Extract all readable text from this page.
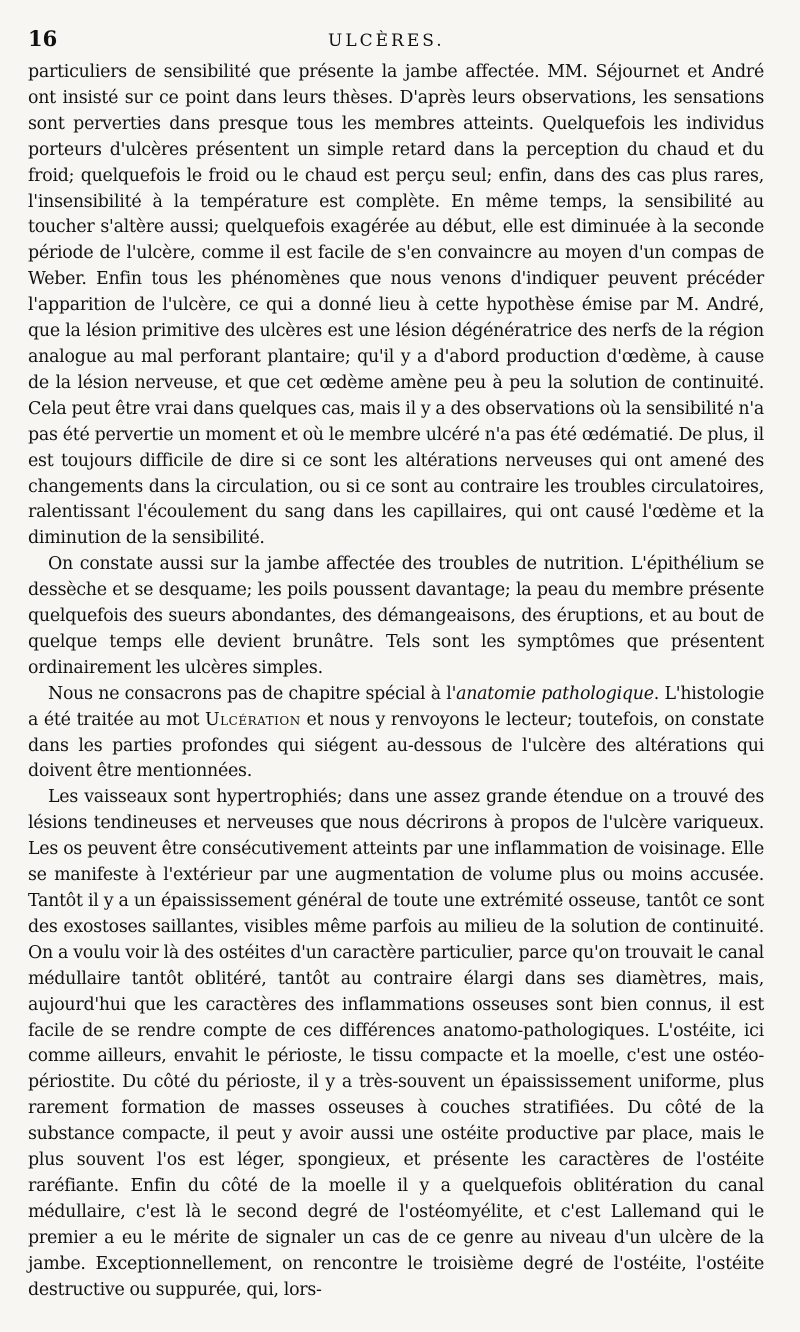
16	ULCÈRES.

particuliers de sensibilité que présente la jambe affectée. MM. Séjournet et André ont insisté sur ce point dans leurs thèses. D'après leurs observations, les sensations sont perverties dans presque tous les membres atteints. Quelquefois les individus porteurs d'ulcères présentent un simple retard dans la perception du chaud et du froid; quelquefois le froid ou le chaud est perçu seul; enfin, dans des cas plus rares, l'insensibilité à la température est complète. En même temps, la sensibilité au toucher s'altère aussi; quelquefois exagérée au début, elle est diminuée à la seconde période de l'ulcère, comme il est facile de s'en convaincre au moyen d'un compas de Weber. Enfin tous les phénomènes que nous venons d'indiquer peuvent précéder l'apparition de l'ulcère, ce qui a donné lieu à cette hypothèse émise par M. André, que la lésion primitive des ulcères est une lésion dégénératrice des nerfs de la région analogue au mal perforant plantaire; qu'il y a d'abord production d'œdème, à cause de la lésion nerveuse, et que cet œdème amène peu à peu la solution de continuité. Cela peut être vrai dans quelques cas, mais il y a des observations où la sensibilité n'a pas été pervertie un moment et où le membre ulcéré n'a pas été œdématié. De plus, il est toujours difficile de dire si ce sont les altérations nerveuses qui ont amené des changements dans la circulation, ou si ce sont au contraire les troubles circulatoires, ralentissant l'écoulement du sang dans les capillaires, qui ont causé l'œdème et la diminution de la sensibilité.

On constate aussi sur la jambe affectée des troubles de nutrition. L'épithélium se dessèche et se desquame; les poils poussent davantage; la peau du membre présente quelquefois des sueurs abondantes, des démangeaisons, des éruptions, et au bout de quelque temps elle devient brunâtre. Tels sont les symptômes que présentent ordinairement les ulcères simples.

Nous ne consacrons pas de chapitre spécial à l'anatomie pathologique. L'histologie a été traitée au mot Ulcération et nous y renvoyons le lecteur; toutefois, on constate dans les parties profondes qui siégent au-dessous de l'ulcère des altérations qui doivent être mentionnées.

Les vaisseaux sont hypertrophiés; dans une assez grande étendue on a trouvé des lésions tendineuses et nerveuses que nous décrirons à propos de l'ulcère variqueux. Les os peuvent être consécutivement atteints par une inflammation de voisinage. Elle se manifeste à l'extérieur par une augmentation de volume plus ou moins accusée. Tantôt il y a un épaississement général de toute une extrémité osseuse, tantôt ce sont des exostoses saillantes, visibles même parfois au milieu de la solution de continuité. On a voulu voir là des ostéites d'un caractère particulier, parce qu'on trouvait le canal médullaire tantôt oblitéré, tantôt au contraire élargi dans ses diamètres, mais, aujourd'hui que les caractères des inflammations osseuses sont bien connus, il est facile de se rendre compte de ces différences anatomo-pathologiques. L'ostéite, ici comme ailleurs, envahit le périoste, le tissu compacte et la moelle, c'est une ostéo-périostite. Du côté du périoste, il y a très-souvent un épaississement uniforme, plus rarement formation de masses osseuses à couches stratifiées. Du côté de la substance compacte, il peut y avoir aussi une ostéite productive par place, mais le plus souvent l'os est léger, spongieux, et présente les caractères de l'ostéite raréfiante. Enfin du côté de la moelle il y a quelquefois oblitération du canal médullaire, c'est là le second degré de l'ostéomyélite, et c'est Lallemand qui le premier a eu le mérite de signaler un cas de ce genre au niveau d'un ulcère de la jambe. Exceptionnellement, on rencontre le troisième degré de l'ostéite, l'ostéite destructive ou suppurée, qui, lors-
